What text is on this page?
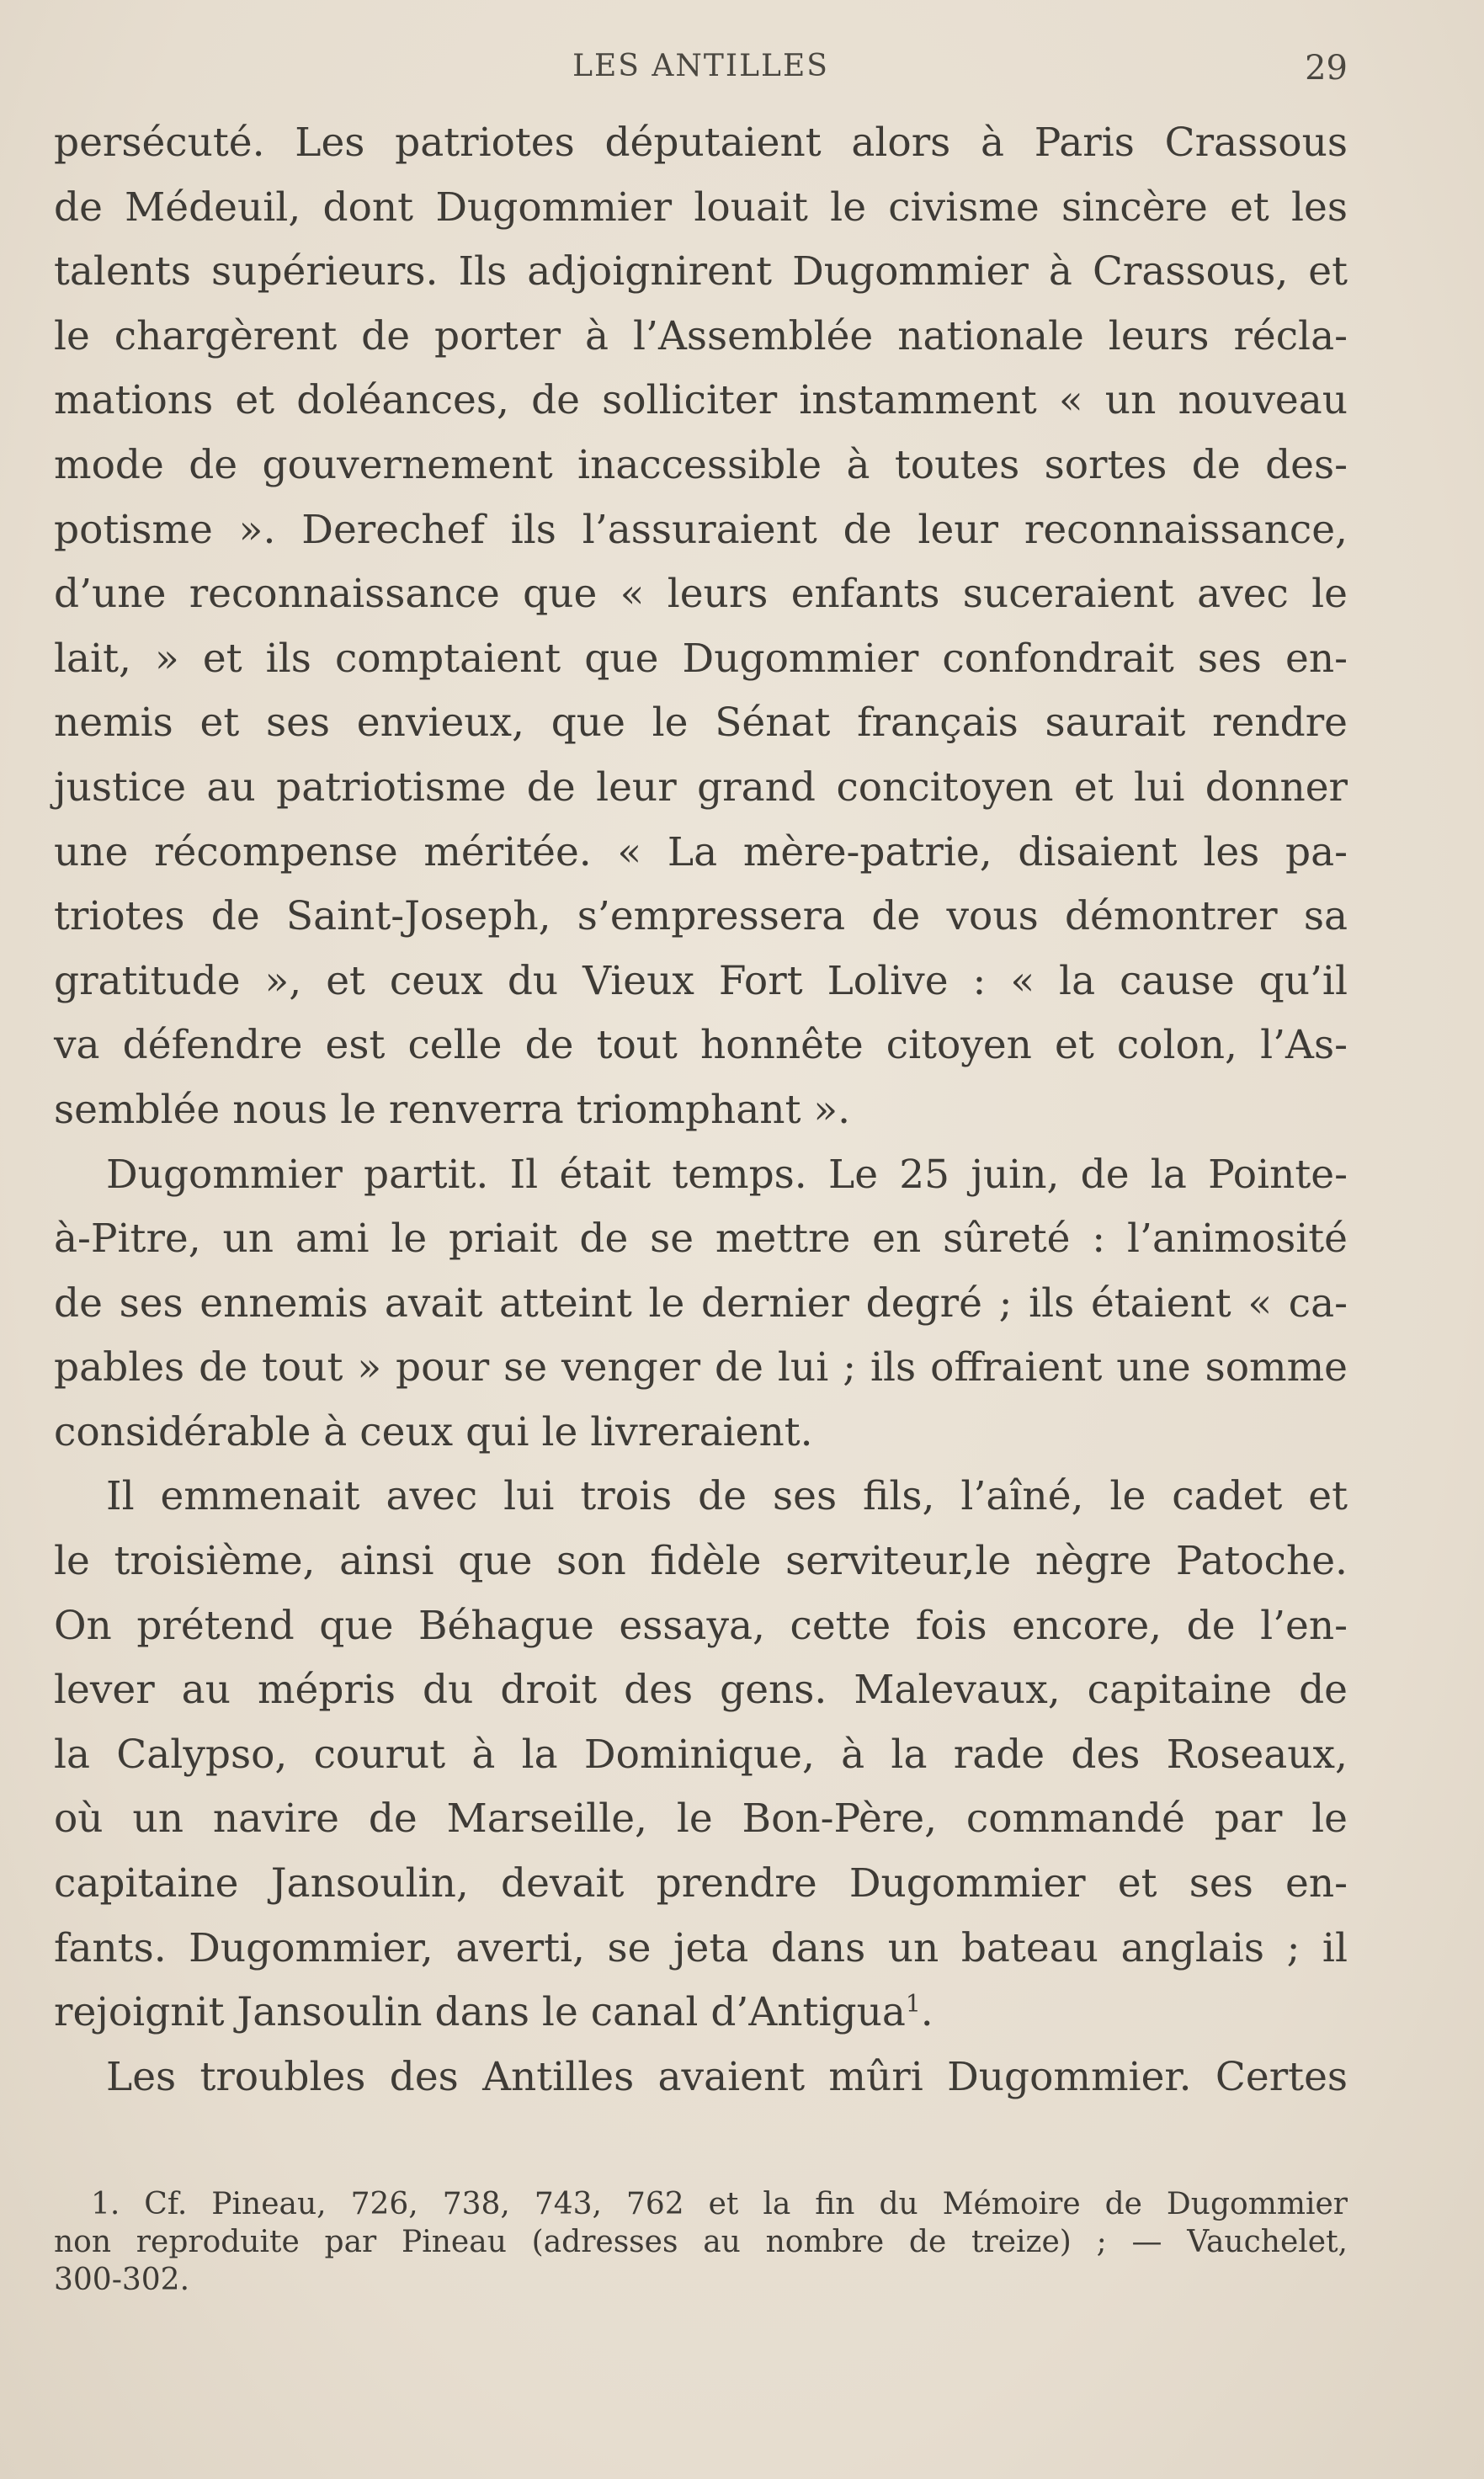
LES ANTILLES	29
persécuté. Les patriotes députaient alors à Paris Crassous
de Médeuil, dont Dugommier louait le civisme sincère et les
talents supérieurs. Ils adjoignirent Dugommier à Crassous, et
le chargèrent de porter à l’Assemblée nationale leurs récla-
mations et doléances, de solliciter instamment « un nouveau
mode de gouvernement inaccessible à toutes sortes de des-
potisme ». Derechef ils l’assuraient de leur reconnaissance,
d’une reconnaissance que « leurs enfants suceraient avec le
lait, » et ils comptaient que Dugommier confondrait ses en-
nemis et ses envieux, que le Sénat français saurait rendre
justice au patriotisme de leur grand concitoyen et lui donner
une récompense méritée. « La mère-patrie, disaient les pa-
triotes de Saint-Joseph, s’empressera de vous démontrer sa
gratitude », et ceux du Vieux Fort Lolive : « la cause qu’il
va défendre est celle de tout honnête citoyen et colon, l’As-
semblée nous le renverra triomphant ».
Dugommier partit. Il était temps. Le 25 juin, de la Pointe-
à-Pitre, un ami le priait de se mettre en sûreté : l’animosité
de ses ennemis avait atteint le dernier degré ; ils étaient « ca-
pables de tout » pour se venger de lui ; ils offraient une somme
considérable à ceux qui le livreraient.
Il emmenait avec lui trois de ses fils, l’aîné, le cadet et
le troisième, ainsi que son fidèle serviteur,le nègre Patoche.
On prétend que Béhague essaya, cette fois encore, de l’en-
lever au mépris du droit des gens. Malevaux, capitaine de
la Calypso, courut à la Dominique, à la rade des Roseaux,
où un navire de Marseille, le Bon-Père, commandé par le
capitaine Jansoulin, devait prendre Dugommier et ses en-
fants. Dugommier, averti, se jeta dans un bateau anglais ; il
rejoignit Jansoulin dans le canal d’Antigua$^1$.
Les troubles des Antilles avaient mûri Dugommier. Certes
1. Cf. Pineau, 726, 738, 743, 762 et la fin du Mémoire de Dugommier
non reproduite par Pineau (adresses au nombre de treize) ; — Vauchelet,
300-302.
